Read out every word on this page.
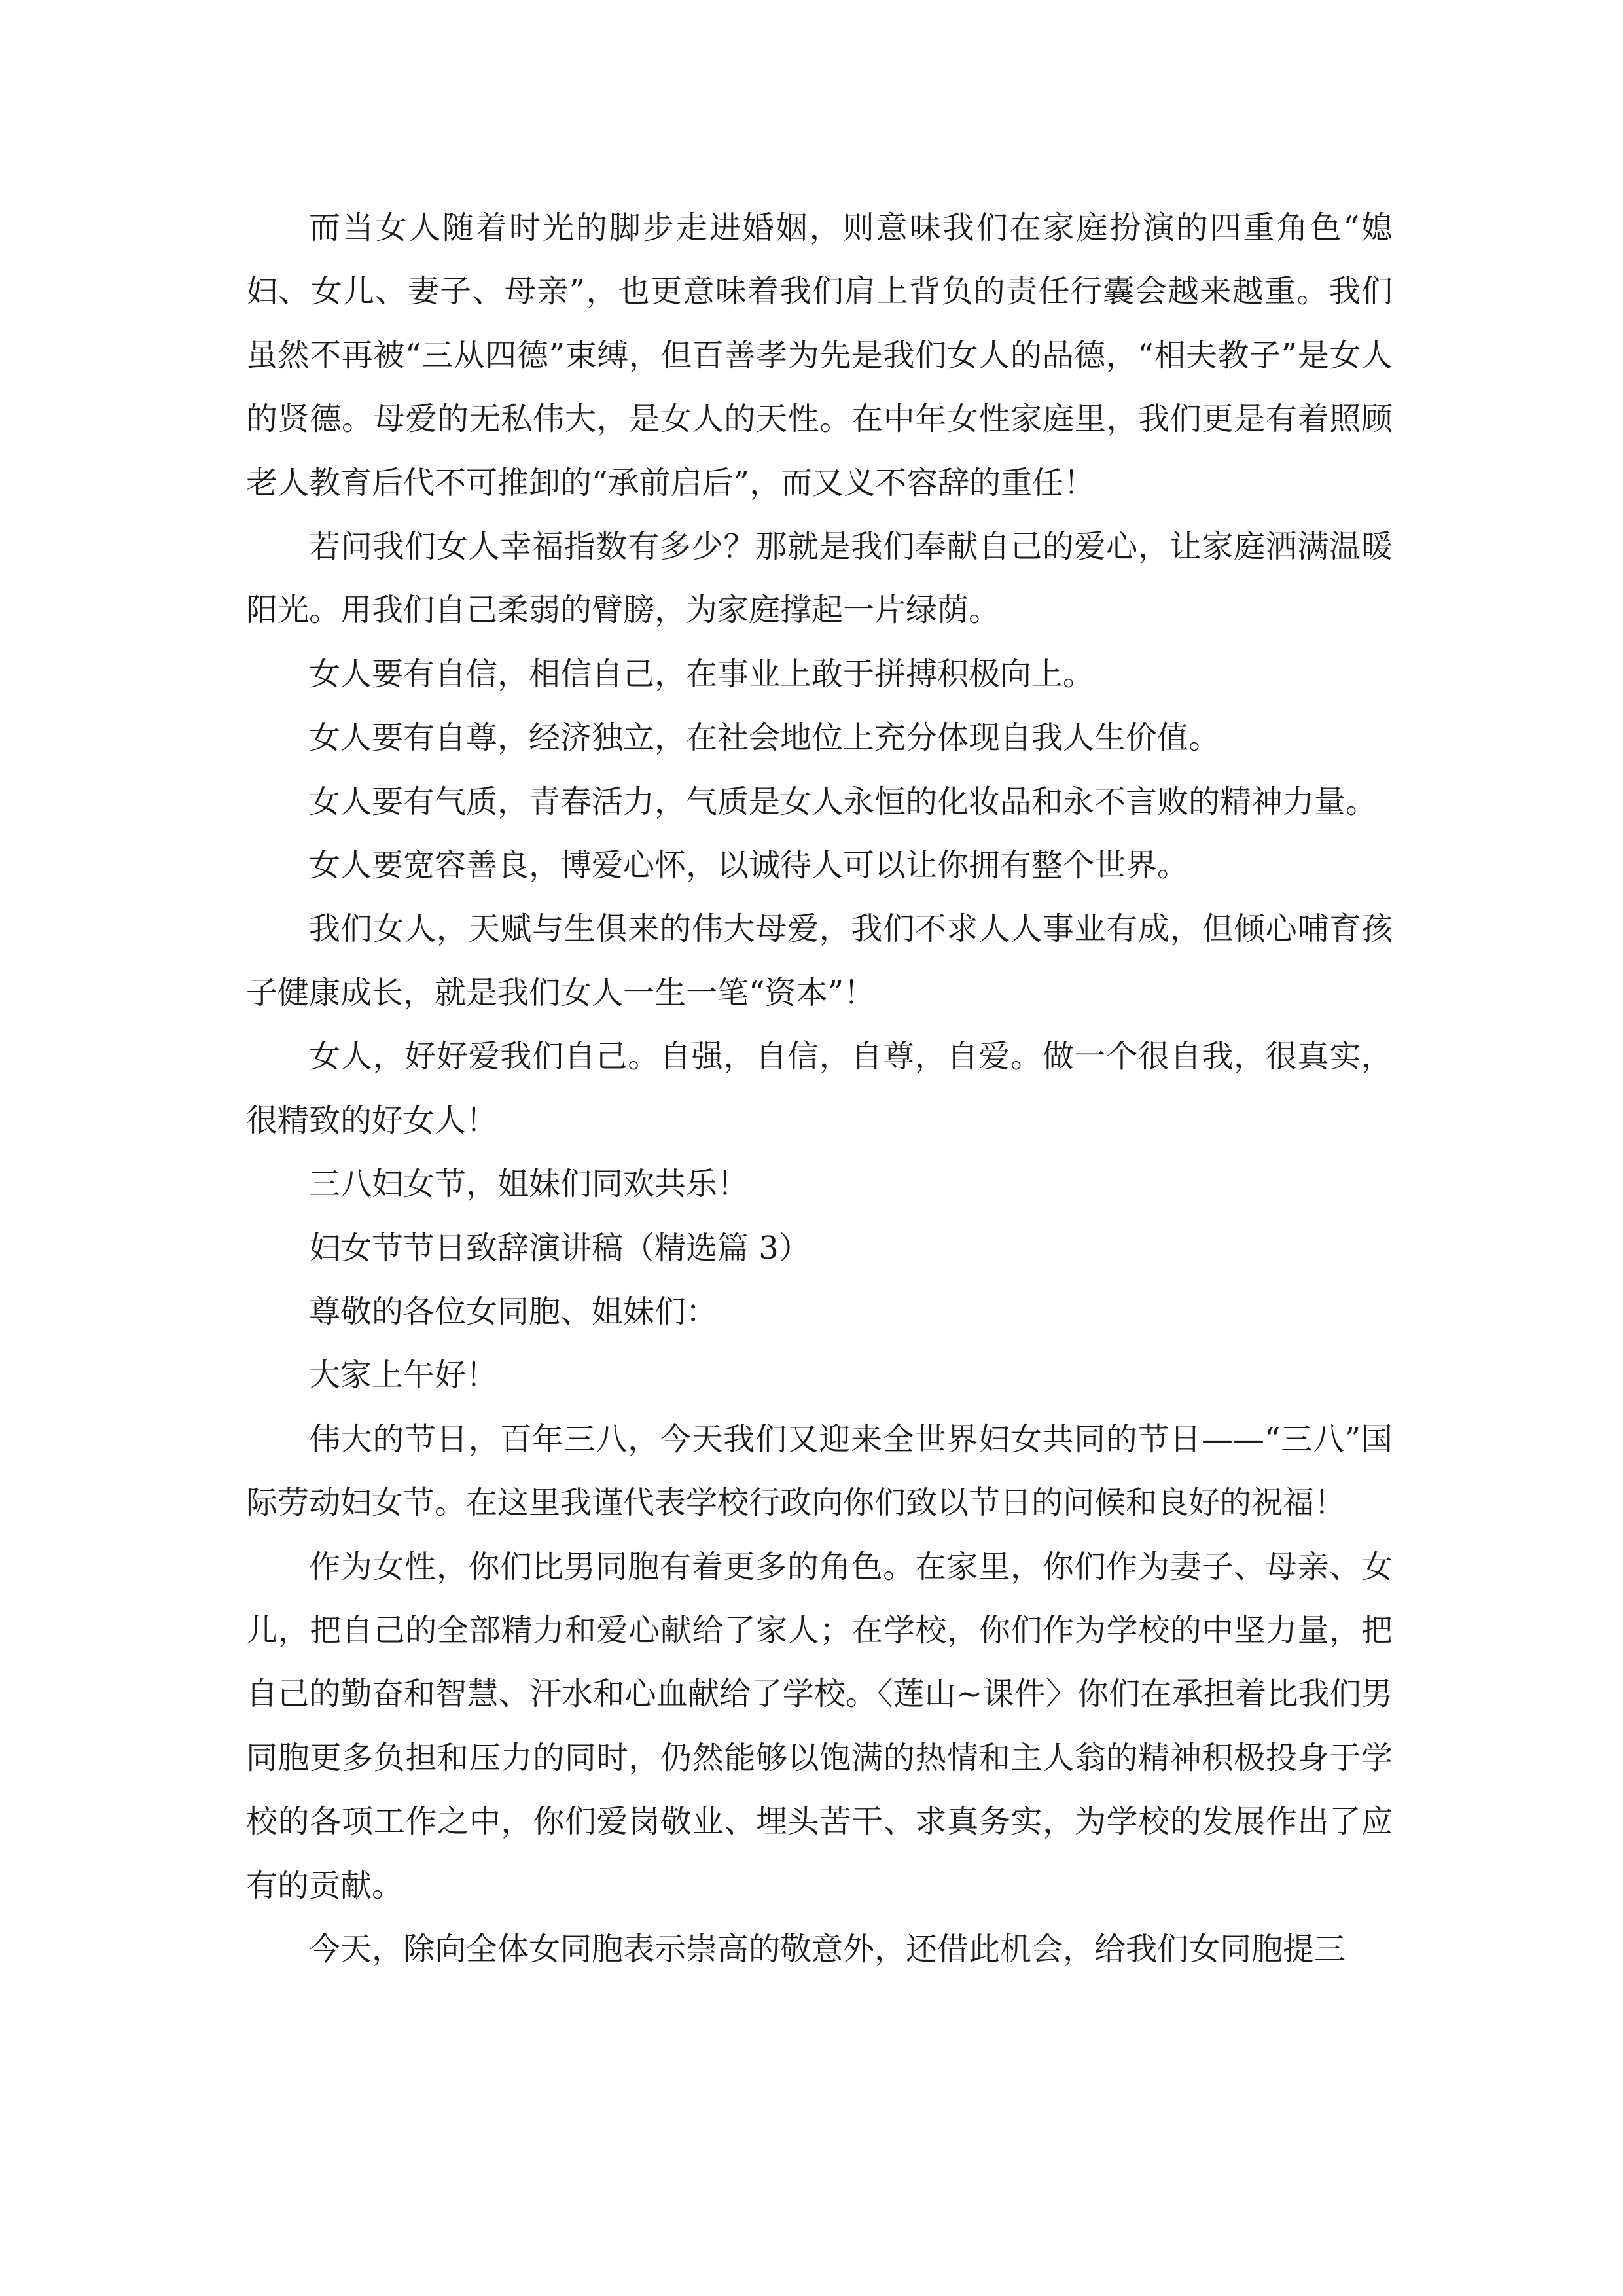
而当女人随着时光的脚步走进婚姻，则意味我们在家庭扮演的四重角色“媳妇、女儿、妻子、母亲”，也更意味着我们肩上背负的责任行囊会越来越重。我们虽然不再被“三从四德”束缚，但百善孝为先是我们女人的品德，“相夫教子”是女人的贤德。母爱的无私伟大，是女人的天性。在中年女性家庭里，我们更是有着照顾老人教育后代不可推卸的“承前启后”，而又义不容辞的重任！

若问我们女人幸福指数有多少？那就是我们奉献自己的爱心，让家庭洒满温暖阳光。用我们自己柔弱的臂膀，为家庭撑起一片绿荫。

女人要有自信，相信自己，在事业上敢于拼搏积极向上。

女人要有自尊，经济独立，在社会地位上充分体现自我人生价值。

女人要有气质，青春活力，气质是女人永恒的化妆品和永不言败的精神力量。

女人要宽容善良，博爱心怀，以诚待人可以让你拥有整个世界。

我们女人，天赋与生俱来的伟大母爱，我们不求人人事业有成，但倾心哺育孩子健康成长，就是我们女人一生一笔“资本”！

女人，好好爱我们自己。自强，自信，自尊，自爱。做一个很自我，很真实，很精致的好女人！

三八妇女节，姐妹们同欢共乐！

妇女节节日致辞演讲稿（精选篇 3）

尊敬的各位女同胞、姐妹们：

大家上午好！

伟大的节日，百年三八，今天我们又迎来全世界妇女共同的节日——“三八”国际劳动妇女节。在这里我谨代表学校行政向你们致以节日的问候和良好的祝福！

作为女性，你们比男同胞有着更多的角色。在家里，你们作为妻子、母亲、女儿，把自己的全部精力和爱心献给了家人；在学校，你们作为学校的中坚力量，把自己的勤奋和智慧、汗水和心血献给了学校。〈莲山~课件〉你们在承担着比我们男同胞更多负担和压力的同时，仍然能够以饱满的热情和主人翁的精神积极投身于学校的各项工作之中，你们爱岗敬业、埋头苦干、求真务实，为学校的发展作出了应有的贡献。

今天，除向全体女同胞表示崇高的敬意外，还借此机会，给我们女同胞提三
